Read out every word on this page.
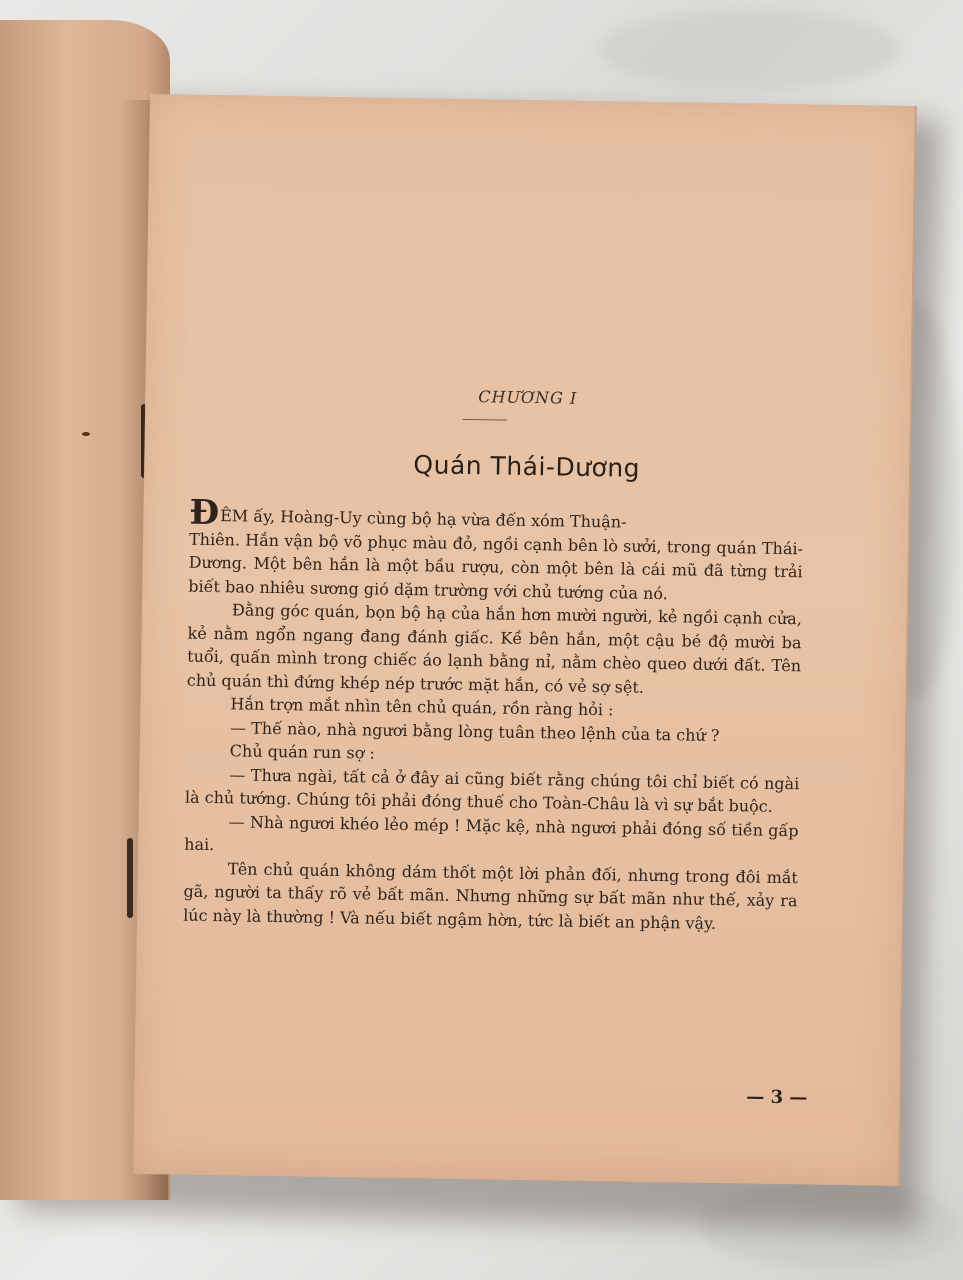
CHƯƠNG I
Quán Thái-Dương

ĐÊM ấy, Hoàng-Uy cùng bộ hạ vừa đến xóm Thuận-

Thiên. Hắn vận bộ võ phục màu đỏ, ngồi cạnh bên lò sưởi, trong quán Thái-Dương. Một bên hắn là một bầu rượu, còn một bên là cái mũ đã từng trải biết bao nhiêu sương gió dặm trường với chủ tướng của nó.

Đằng góc quán, bọn bộ hạ của hắn hơn mười người, kẻ ngồi cạnh cửa, kẻ nằm ngổn ngang đang đánh giấc. Kề bên hắn, một cậu bé độ mười ba tuổi, quấn mình trong chiếc áo lạnh bằng nỉ, nằm chèo queo dưới đất. Tên chủ quán thì đứng khép nép trước mặt hắn, có vẻ sợ sệt.

Hắn trợn mắt nhìn tên chủ quán, rồn ràng hỏi :

— Thế nào, nhà ngươi bằng lòng tuân theo lệnh của ta chứ ?

Chủ quán run sợ :

— Thưa ngài, tất cả ở đây ai cũng biết rằng chúng tôi chỉ biết có ngài là chủ tướng. Chúng tôi phải đóng thuế cho Toàn-Châu là vì sự bắt buộc.

— Nhà ngươi khéo lẻo mép ! Mặc kệ, nhà ngươi phải đóng số tiền gấp hai.

Tên chủ quán không dám thốt một lời phản đối, nhưng trong đôi mắt gã, người ta thấy rõ vẻ bất mãn. Nhưng những sự bất mãn như thế, xảy ra lúc này là thường ! Và nếu biết ngậm hờn, tức là biết an phận vậy.

— 3 —
